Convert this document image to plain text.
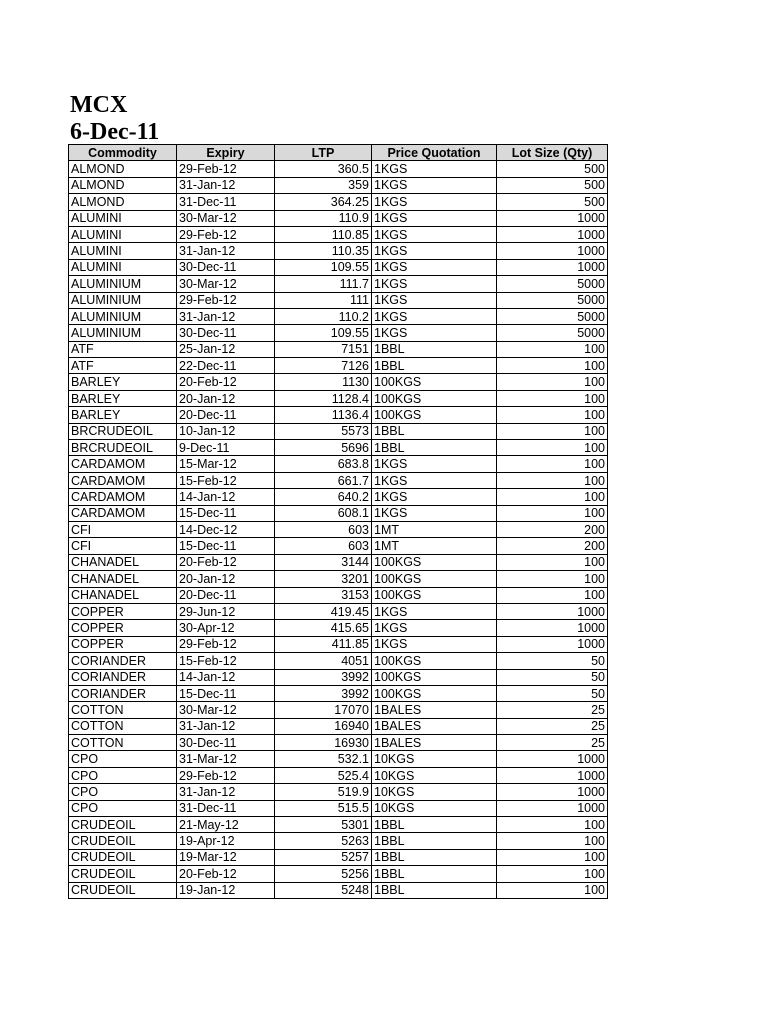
MCX
6-Dec-11
Commodity	Expiry	LTP	Price Quotation	Lot Size (Qty)
ALMOND	29-Feb-12	360.5	1KGS	500
ALMOND	31-Jan-12	359	1KGS	500
ALMOND	31-Dec-11	364.25	1KGS	500
ALUMINI	30-Mar-12	110.9	1KGS	1000
ALUMINI	29-Feb-12	110.85	1KGS	1000
ALUMINI	31-Jan-12	110.35	1KGS	1000
ALUMINI	30-Dec-11	109.55	1KGS	1000
ALUMINIUM	30-Mar-12	111.7	1KGS	5000
ALUMINIUM	29-Feb-12	111	1KGS	5000
ALUMINIUM	31-Jan-12	110.2	1KGS	5000
ALUMINIUM	30-Dec-11	109.55	1KGS	5000
ATF	25-Jan-12	7151	1BBL	100
ATF	22-Dec-11	7126	1BBL	100
BARLEY	20-Feb-12	1130	100KGS	100
BARLEY	20-Jan-12	1128.4	100KGS	100
BARLEY	20-Dec-11	1136.4	100KGS	100
BRCRUDEOIL	10-Jan-12	5573	1BBL	100
BRCRUDEOIL	9-Dec-11	5696	1BBL	100
CARDAMOM	15-Mar-12	683.8	1KGS	100
CARDAMOM	15-Feb-12	661.7	1KGS	100
CARDAMOM	14-Jan-12	640.2	1KGS	100
CARDAMOM	15-Dec-11	608.1	1KGS	100
CFI	14-Dec-12	603	1MT	200
CFI	15-Dec-11	603	1MT	200
CHANADEL	20-Feb-12	3144	100KGS	100
CHANADEL	20-Jan-12	3201	100KGS	100
CHANADEL	20-Dec-11	3153	100KGS	100
COPPER	29-Jun-12	419.45	1KGS	1000
COPPER	30-Apr-12	415.65	1KGS	1000
COPPER	29-Feb-12	411.85	1KGS	1000
CORIANDER	15-Feb-12	4051	100KGS	50
CORIANDER	14-Jan-12	3992	100KGS	50
CORIANDER	15-Dec-11	3992	100KGS	50
COTTON	30-Mar-12	17070	1BALES	25
COTTON	31-Jan-12	16940	1BALES	25
COTTON	30-Dec-11	16930	1BALES	25
CPO	31-Mar-12	532.1	10KGS	1000
CPO	29-Feb-12	525.4	10KGS	1000
CPO	31-Jan-12	519.9	10KGS	1000
CPO	31-Dec-11	515.5	10KGS	1000
CRUDEOIL	21-May-12	5301	1BBL	100
CRUDEOIL	19-Apr-12	5263	1BBL	100
CRUDEOIL	19-Mar-12	5257	1BBL	100
CRUDEOIL	20-Feb-12	5256	1BBL	100
CRUDEOIL	19-Jan-12	5248	1BBL	100
